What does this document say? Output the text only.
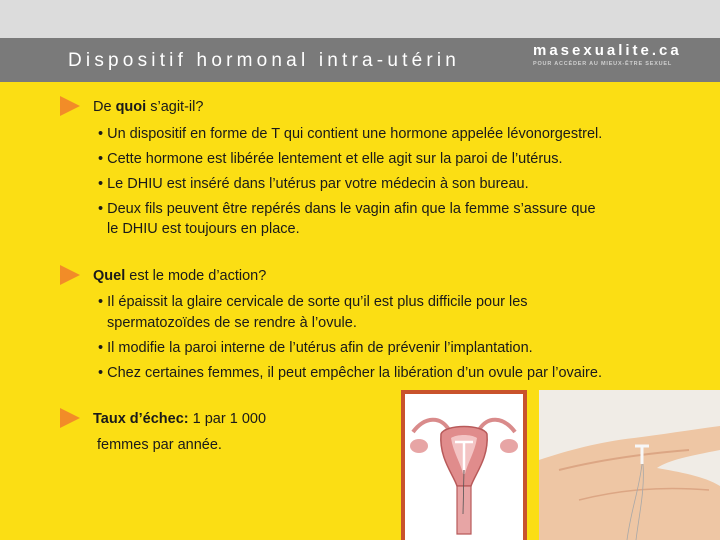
Dispositif hormonal intra-utérin	masexualite.ca
POUR ACCÉDER AU MIEUX-ÊTRE SEXUEL

De quoi s’agit-il?

• Un dispositif en forme de T qui contient une hormone appelée lévonorgestrel.

• Cette hormone est libérée lentement et elle agit sur la paroi de l’utérus.

• Le DHIU est inséré dans l’utérus par votre médecin à son bureau.

• Deux fils peuvent être repérés dans le vagin afin que la femme s’assure que

le DHIU est toujours en place.

Quel est le mode d’action?

• Il épaissit la glaire cervicale de sorte qu’il est plus difficile pour les

spermatozoïdes de se rendre à l’ovule.

• Il modifie la paroi interne de l’utérus afin de prévenir l’implantation.

• Chez certaines femmes, il peut empêcher la libération d’un ovule par l’ovaire.

Taux d’échec: 1 par 1 000

femmes par année.
